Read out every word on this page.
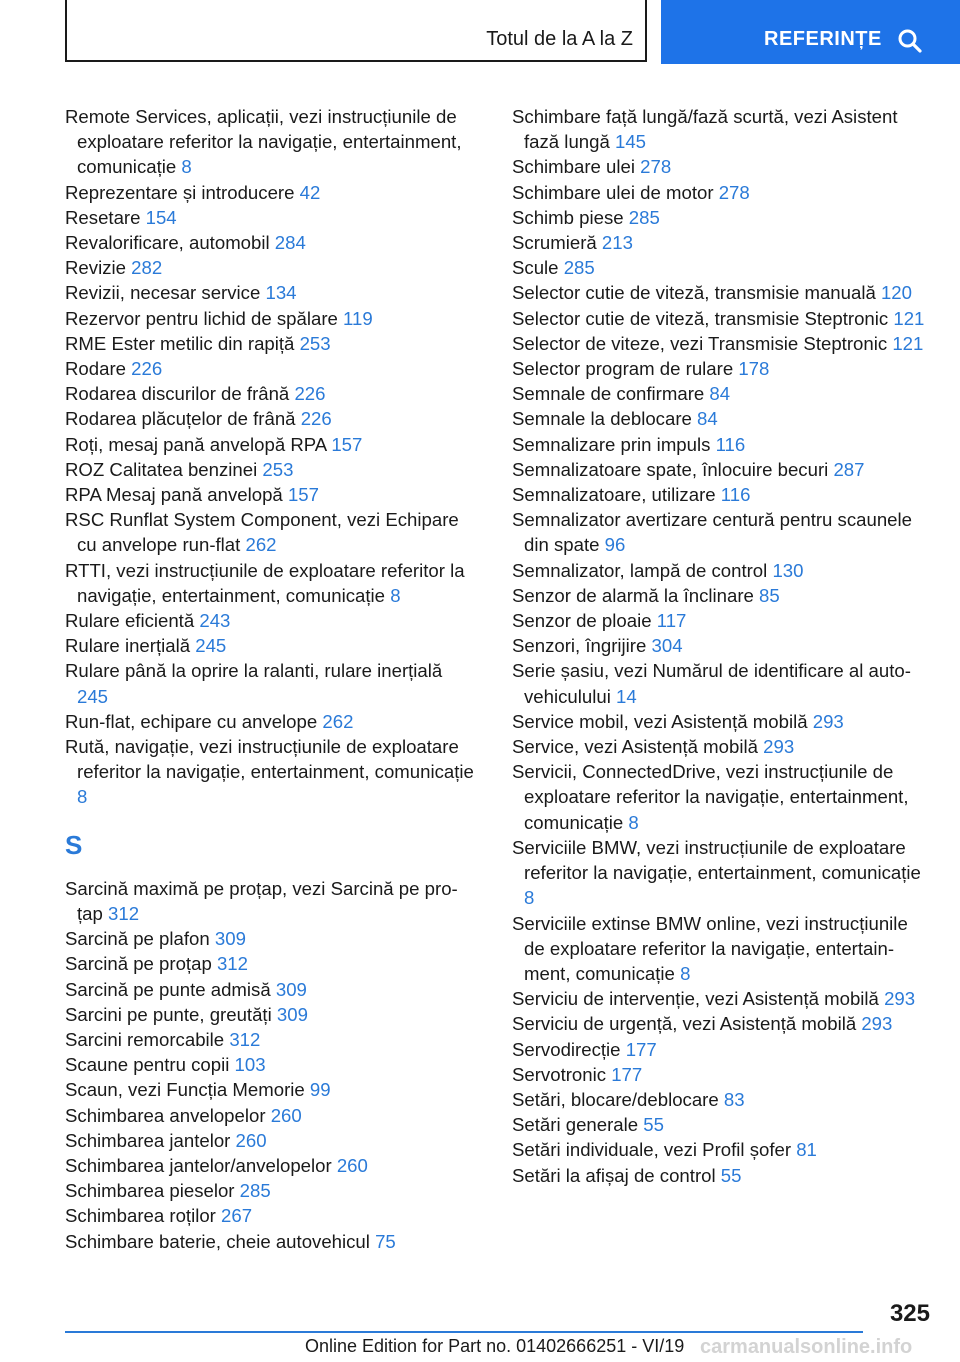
Totul de la A la Z	REFERINȚE
Remote Services, aplicații, vezi instrucțiunile de exploatare referitor la navigație, entertainment, comunicație 8
Reprezentare și introducere 42
Resetare 154
Revalorificare, automobil 284
Revizie 282
Revizii, necesar service 134
Rezervor pentru lichid de spălare 119
RME Ester metilic din rapiță 253
Rodare 226
Rodarea discurilor de frână 226
Rodarea plăcuțelor de frână 226
Roți, mesaj pană anvelopă RPA 157
ROZ Calitatea benzinei 253
RPA Mesaj pană anvelopă 157
RSC Runflat System Component, vezi Echipare cu anvelope run-flat 262
RTTI, vezi instrucțiunile de exploatare referitor la navigație, entertainment, comunicație 8
Rulare eficientă 243
Rulare inerțială 245
Rulare până la oprire la ralanti, rulare inerțială 245
Run-flat, echipare cu anvelope 262
Rută, navigație, vezi instrucțiunile de exploatare referitor la navigație, entertainment, comunicație 8
S
Sarcină maximă pe proțap, vezi Sarcină pe proțap 312
Sarcină pe plafon 309
Sarcină pe proțap 312
Sarcină pe punte admisă 309
Sarcini pe punte, greutăți 309
Sarcini remorcabile 312
Scaune pentru copii 103
Scaun, vezi Funcția Memorie 99
Schimbarea anvelopelor 260
Schimbarea jantelor 260
Schimbarea jantelor/anvelopelor 260
Schimbarea pieselor 285
Schimbarea roților 267
Schimbare baterie, cheie autovehicul 75
Schimbare față lungă/fază scurtă, vezi Asistent fază lungă 145
Schimbare ulei 278
Schimbare ulei de motor 278
Schimb piese 285
Scrumieră 213
Scule 285
Selector cutie de viteză, transmisie manuală 120
Selector cutie de viteză, transmisie Steptronic 121
Selector de viteze, vezi Transmisie Steptronic 121
Selector program de rulare 178
Semnale de confirmare 84
Semnale la deblocare 84
Semnalizare prin impuls 116
Semnalizatoare spate, înlocuire becuri 287
Semnalizatoare, utilizare 116
Semnalizator avertizare centură pentru scaunele din spate 96
Semnalizator, lampă de control 130
Senzor de alarmă la înclinare 85
Senzor de ploaie 117
Senzori, îngrijire 304
Serie șasiu, vezi Numărul de identificare al autovehiculului 14
Service mobil, vezi Asistență mobilă 293
Service, vezi Asistență mobilă 293
Servicii, ConnectedDrive, vezi instrucțiunile de exploatare referitor la navigație, entertainment, comunicație 8
Serviciile BMW, vezi instrucțiunile de exploatare referitor la navigație, entertainment, comunicație 8
Serviciile extinse BMW online, vezi instrucțiunile de exploatare referitor la navigație, entertainment, comunicație 8
Serviciu de intervenție, vezi Asistență mobilă 293
Serviciu de urgență, vezi Asistență mobilă 293
Servodirecție 177
Servotronic 177
Setări, blocare/deblocare 83
Setări generale 55
Setări individuale, vezi Profil șofer 81
Setări la afișaj de control 55
325
Online Edition for Part no. 01402666251 - VI/19 carmanualsonline.info
